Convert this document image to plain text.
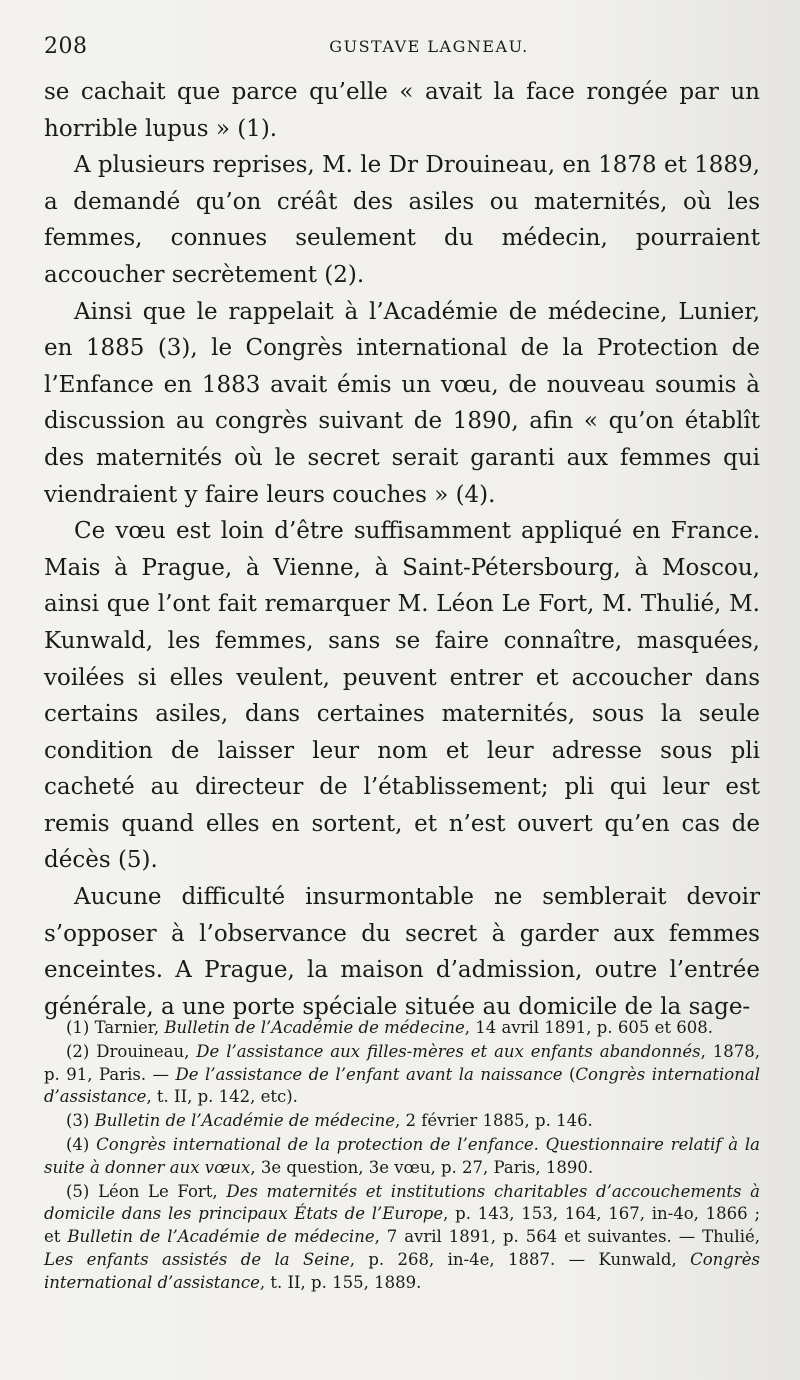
208	GUSTAVE LAGNEAU.

se cachait que parce qu’elle « avait la face rongée par un horrible lupus » (1).

A plusieurs reprises, M. le Dr Drouineau, en 1878 et 1889, a demandé qu’on créât des asiles ou maternités, où les femmes, connues seulement du médecin, pourraient accoucher secrètement (2).

Ainsi que le rappelait à l’Académie de médecine, Lunier, en 1885 (3), le Congrès international de la Protection de l’Enfance en 1883 avait émis un vœu, de nouveau soumis à discussion au congrès suivant de 1890, afin « qu’on établît des maternités où le secret serait garanti aux femmes qui viendraient y faire leurs couches » (4).

Ce vœu est loin d’être suffisamment appliqué en France. Mais à Prague, à Vienne, à Saint-Pétersbourg, à Moscou, ainsi que l’ont fait remarquer M. Léon Le Fort, M. Thulié, M. Kunwald, les femmes, sans se faire connaître, masquées, voilées si elles veulent, peuvent entrer et accoucher dans certains asiles, dans certaines maternités, sous la seule condition de laisser leur nom et leur adresse sous pli cacheté au directeur de l’établissement; pli qui leur est remis quand elles en sortent, et n’est ouvert qu’en cas de décès (5).

Aucune difficulté insurmontable ne semblerait devoir s’opposer à l’observance du secret à garder aux femmes enceintes. A Prague, la maison d’admission, outre l’entrée générale, a une porte spéciale située au domicile de la sage-

(1) Tarnier, Bulletin de l’Académie de médecine, 14 avril 1891, p. 605 et 608.

(2) Drouineau, De l’assistance aux filles-mères et aux enfants abandonnés, 1878, p. 91, Paris. — De l’assistance de l’enfant avant la naissance (Congrès international d’assistance, t. II, p. 142, etc).

(3) Bulletin de l’Académie de médecine, 2 février 1885, p. 146.

(4) Congrès international de la protection de l’enfance. Questionnaire relatif à la suite à donner aux vœux, 3e question, 3e vœu, p. 27, Paris, 1890.

(5) Léon Le Fort, Des maternités et institutions charitables d’accouchements à domicile dans les principaux États de l’Europe, p. 143, 153, 164, 167, in-4o, 1866 ; et Bulletin de l’Académie de médecine, 7 avril 1891, p. 564 et suivantes. — Thulié, Les enfants assistés de la Seine, p. 268, in-4e, 1887. — Kunwald, Congrès international d’assistance, t. II, p. 155, 1889.
